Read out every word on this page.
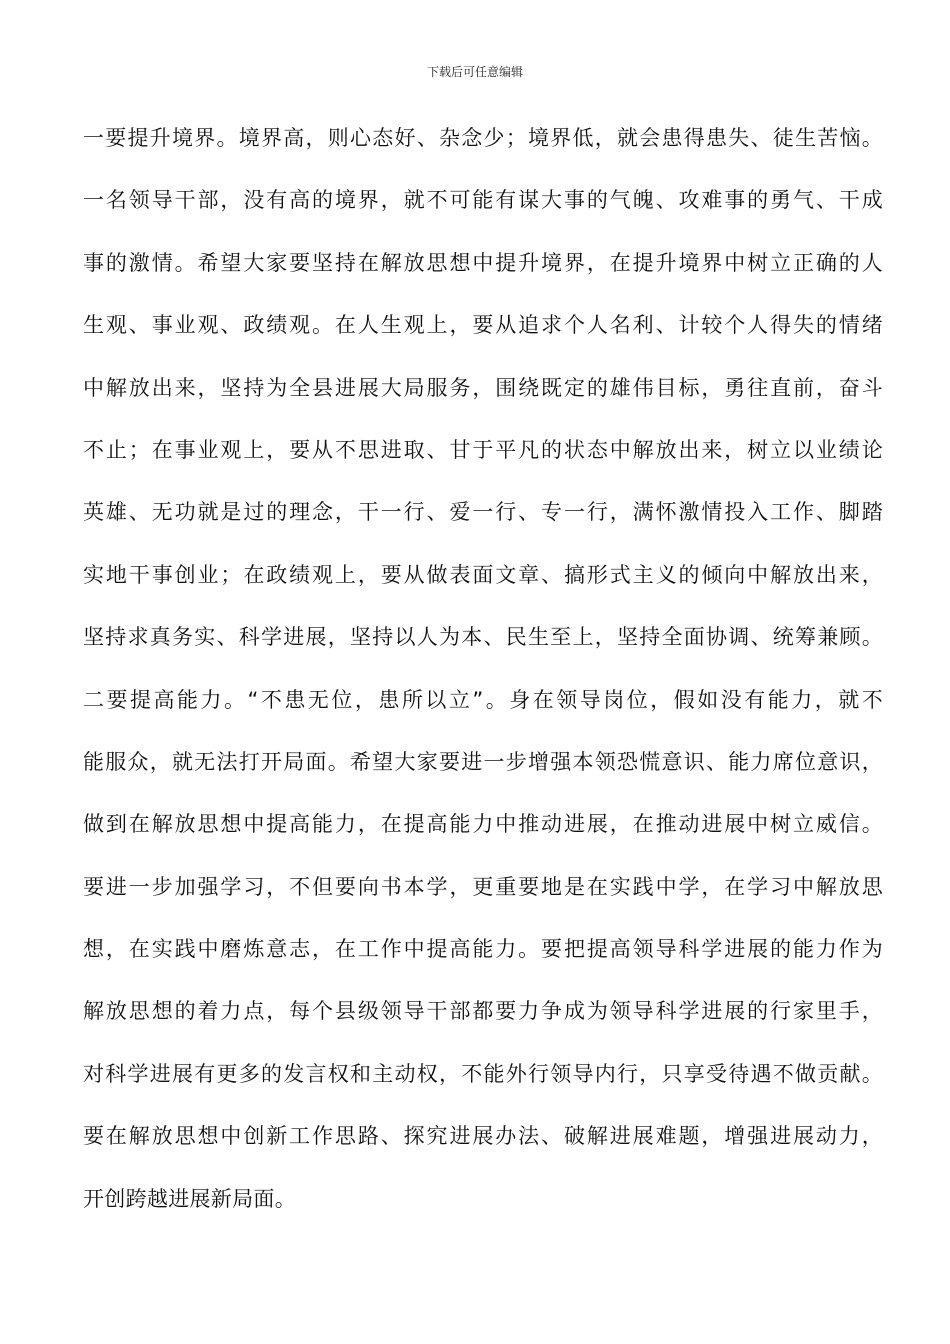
下载后可任意编辑
一要提升境界。境界高，则心态好、杂念少；境界低，就会患得患失、徒生苦恼。
一名领导干部，没有高的境界，就不可能有谋大事的气魄、攻难事的勇气、干成
事的激情。希望大家要坚持在解放思想中提升境界，在提升境界中树立正确的人
生观、事业观、政绩观。在人生观上，要从追求个人名利、计较个人得失的情绪
中解放出来，坚持为全县进展大局服务，围绕既定的雄伟目标，勇往直前，奋斗
不止；在事业观上，要从不思进取、甘于平凡的状态中解放出来，树立以业绩论
英雄、无功就是过的理念，干一行、爱一行、专一行，满怀激情投入工作、脚踏
实地干事创业；在政绩观上，要从做表面文章、搞形式主义的倾向中解放出来，
坚持求真务实、科学进展，坚持以人为本、民生至上，坚持全面协调、统筹兼顾。
二要提高能力。“不患无位，患所以立”。身在领导岗位，假如没有能力，就不
能服众，就无法打开局面。希望大家要进一步增强本领恐慌意识、能力席位意识，
做到在解放思想中提高能力，在提高能力中推动进展，在推动进展中树立威信。
要进一步加强学习，不但要向书本学，更重要地是在实践中学，在学习中解放思
想，在实践中磨炼意志，在工作中提高能力。要把提高领导科学进展的能力作为
解放思想的着力点，每个县级领导干部都要力争成为领导科学进展的行家里手，
对科学进展有更多的发言权和主动权，不能外行领导内行，只享受待遇不做贡献。
要在解放思想中创新工作思路、探究进展办法、破解进展难题，增强进展动力，
开创跨越进展新局面。
